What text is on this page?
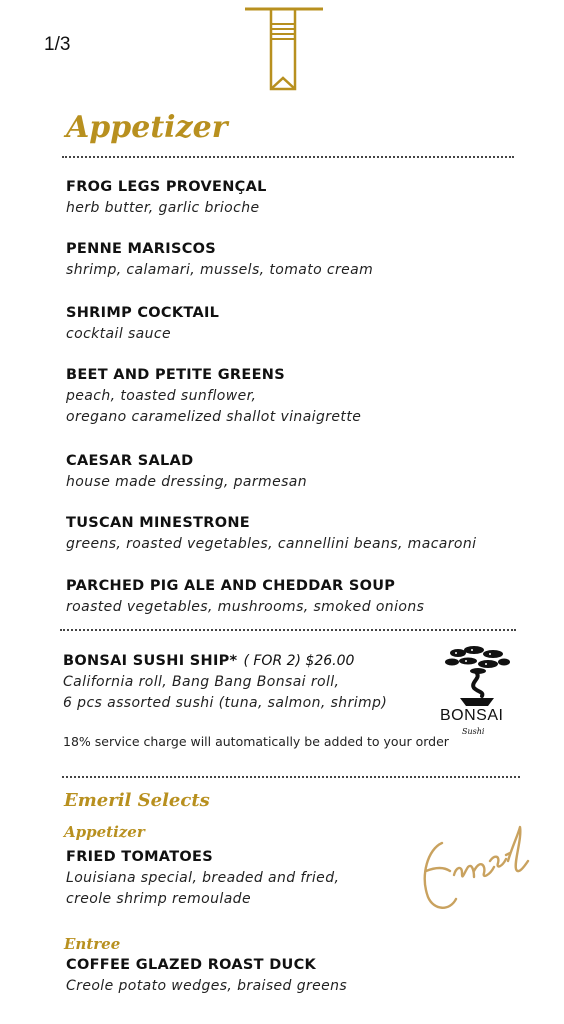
1/3
Appetizer
FROG LEGS PROVENÇAL
herb butter, garlic brioche
PENNE MARISCOS
shrimp, calamari, mussels, tomato cream
SHRIMP COCKTAIL
cocktail sauce
BEET AND PETITE GREENS
peach, toasted sunflower,
oregano caramelized shallot vinaigrette
CAESAR SALAD
house made dressing, parmesan
TUSCAN MINESTRONE
greens, roasted vegetables, cannellini beans, macaroni
PARCHED PIG ALE AND CHEDDAR SOUP
roasted vegetables, mushrooms, smoked onions
BONSAI SUSHI SHIP* ( FOR 2) $26.00
California roll, Bang Bang Bonsai roll,
6 pcs assorted sushi (tuna, salmon, shrimp)
18% service charge will automatically be added to your order
BONSAI
Sushi
Emeril Selects
Appetizer
FRIED TOMATOES
Louisiana special, breaded and fried,
creole shrimp remoulade
Entree
COFFEE GLAZED ROAST DUCK
Creole potato wedges, braised greens
